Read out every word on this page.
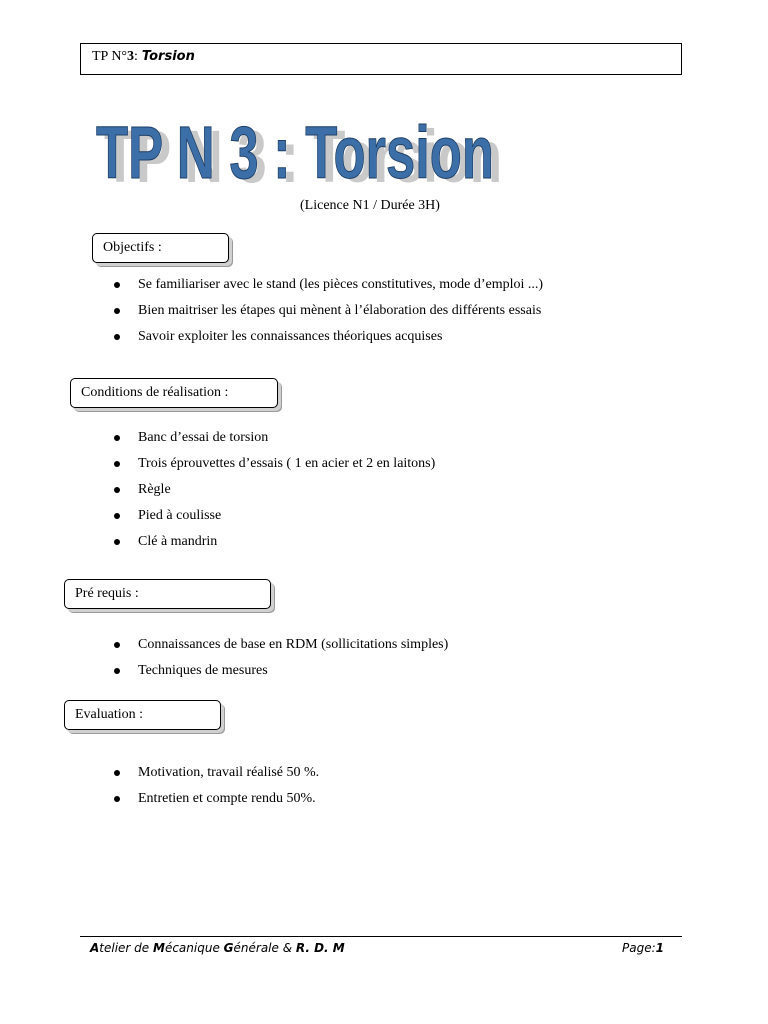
TP N°3: Torsion
TP N 3 : Torsion
TP N 3 : Torsion
(Licence N1 / Durée 3H)
Objectifs :
Se familiariser avec le stand (les pièces constitutives, mode d’emploi ...)
Bien maitriser les étapes qui mènent à l’élaboration des différents essais
Savoir exploiter les connaissances théoriques acquises
Conditions de réalisation :
Banc d’essai de torsion
Trois éprouvettes d’essais ( 1 en acier et 2 en laitons)
Règle
Pied à coulisse
Clé à mandrin
Pré requis :
Connaissances de base en RDM (sollicitations simples)
Techniques de mesures
Evaluation :
Motivation, travail réalisé 50 %.
Entretien et compte rendu 50%.
Atelier de Mécanique Générale & R. D. M	Page:1
